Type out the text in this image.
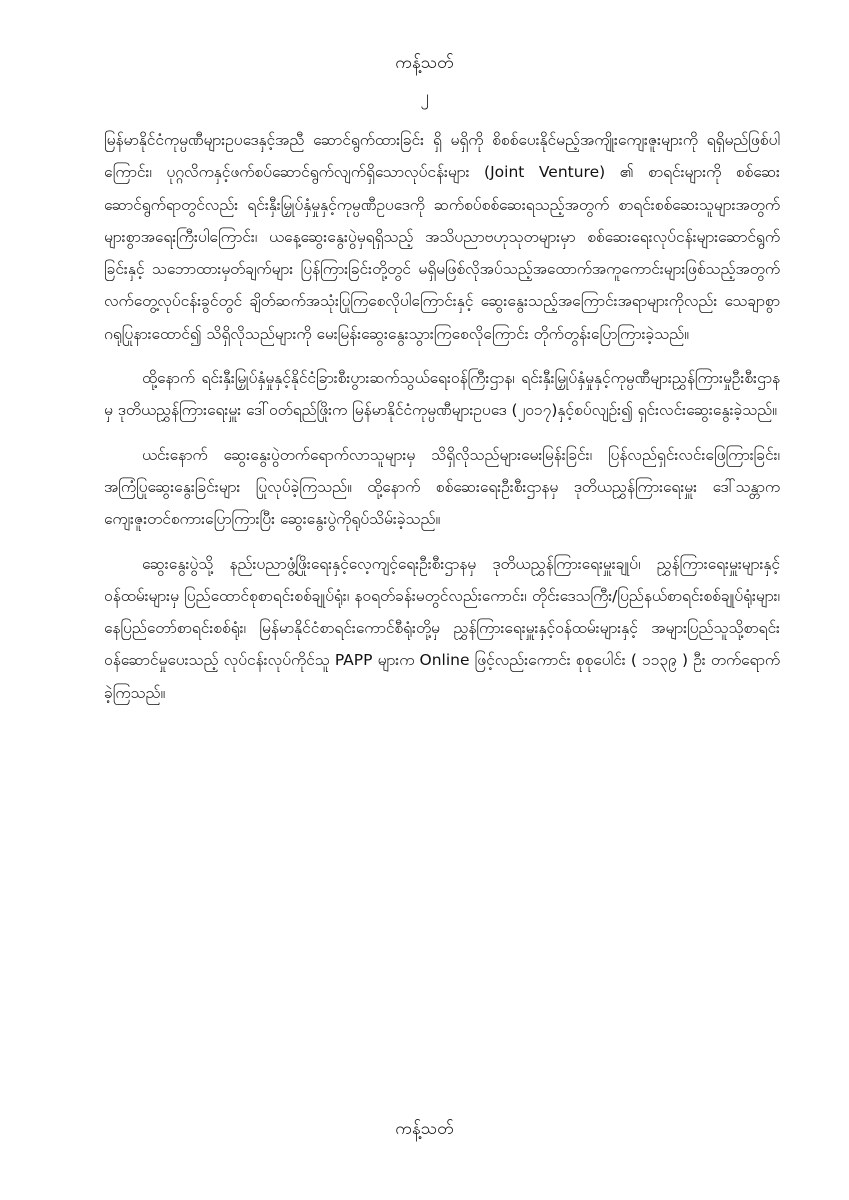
ကန့်သတ်
၂

မြန်မာနိုင်ငံကုမ္ပဏီများဥပဒေနှင့်အညီ ဆောင်ရွက်ထားခြင်း ရှိ မရှိကို စိစစ်ပေးနိုင်မည့်အကျိုးကျေးဇူးများကို ရရှိမည်ဖြစ်ပါကြောင်း၊ ပုဂ္ဂလိကနှင့်ဖက်စပ်ဆောင်ရွက်လျက်ရှိသောလုပ်ငန်းများ (Joint Venture) ၏ စာရင်းများကို စစ်ဆေးဆောင်ရွက်ရာတွင်လည်း ရင်းနှီးမြှုပ်နှံမှုနှင့်ကုမ္ပဏီဥပဒေကို ဆက်စပ်စစ်ဆေးရသည့်အတွက် စာရင်းစစ်ဆေးသူများအတွက် များစွာအရေးကြီးပါကြောင်း၊ ယနေ့ဆွေးနွေးပွဲမှရရှိသည့် အသိပညာဗဟုသုတများမှာ စစ်ဆေးရေးလုပ်ငန်းများဆောင်ရွက်ခြင်းနှင့် သဘောထားမှတ်ချက်များ ပြန်ကြားခြင်းတို့တွင် မရှိမဖြစ်လိုအပ်သည့်အထောက်အကူကောင်းများဖြစ်သည့်အတွက် လက်တွေ့လုပ်ငန်းခွင်တွင် ချိတ်ဆက်အသုံးပြုကြစေလိုပါကြောင်းနှင့် ဆွေးနွေးသည့်အကြောင်းအရာများကိုလည်း သေချာစွာ ဂရုပြုနားထောင်၍ သိရှိလိုသည်များကို မေးမြန်းဆွေးနွေးသွားကြစေလိုကြောင်း တိုက်တွန်းပြောကြားခဲ့သည်။

ထို့နောက် ရင်းနှီးမြှုပ်နှံမှုနှင့်နိုင်ငံခြားစီးပွားဆက်သွယ်ရေးဝန်ကြီးဌာန၊ ရင်းနှီးမြှုပ်နှံမှုနှင့်ကုမ္ပဏီများညွှန်ကြားမှုဦးစီးဌာနမှ ဒုတိယညွှန်ကြားရေးမှူး ဒေါ်ဝတ်ရည်ဖြိုးက မြန်မာနိုင်ငံကုမ္ပဏီများဥပဒေ (၂၀၁၇)နှင့်စပ်လျဉ်း၍ ရှင်းလင်းဆွေးနွေးခဲ့သည်။

ယင်းနောက် ဆွေးနွေးပွဲတက်ရောက်လာသူများမှ သိရှိလိုသည်များမေးမြန်းခြင်း၊ ပြန်လည်ရှင်းလင်းဖြေကြားခြင်း၊ အကြံပြုဆွေးနွေးခြင်းများ ပြုလုပ်ခဲ့ကြသည်။ ထို့နောက် စစ်ဆေးရေးဦးစီးဌာနမှ ဒုတိယညွှန်ကြားရေးမှူး ဒေါ်သန္တာက ကျေးဇူးတင်စကားပြောကြားပြီး ဆွေးနွေးပွဲကိုရုပ်သိမ်းခဲ့သည်။

ဆွေးနွေးပွဲသို့ နည်းပညာဖွံ့ဖြိုးရေးနှင့်လေ့ကျင့်ရေးဦးစီးဌာနမှ ဒုတိယညွှန်ကြားရေးမှူးချုပ်၊ ညွှန်ကြားရေးမှူးများနှင့်ဝန်ထမ်းများမှ ပြည်ထောင်စုစာရင်းစစ်ချုပ်ရုံး၊ နဝရတ်ခန်းမတွင်လည်းကောင်း၊ တိုင်းဒေသကြီး/ပြည်နယ်စာရင်းစစ်ချုပ်ရုံးများ၊ နေပြည်တော်စာရင်းစစ်ရုံး၊ မြန်မာနိုင်ငံစာရင်းကောင်စီရုံးတို့မှ ညွှန်ကြားရေးမှူးနှင့်ဝန်ထမ်းများနှင့် အများပြည်သူသို့စာရင်းဝန်ဆောင်မှုပေးသည့် လုပ်ငန်းလုပ်ကိုင်သူ PAPP များက Online ဖြင့်လည်းကောင်း စုစုပေါင်း ( ၁၁၃၉ ) ဦး တက်ရောက်ခဲ့ကြသည်။

ကန့်သတ်
